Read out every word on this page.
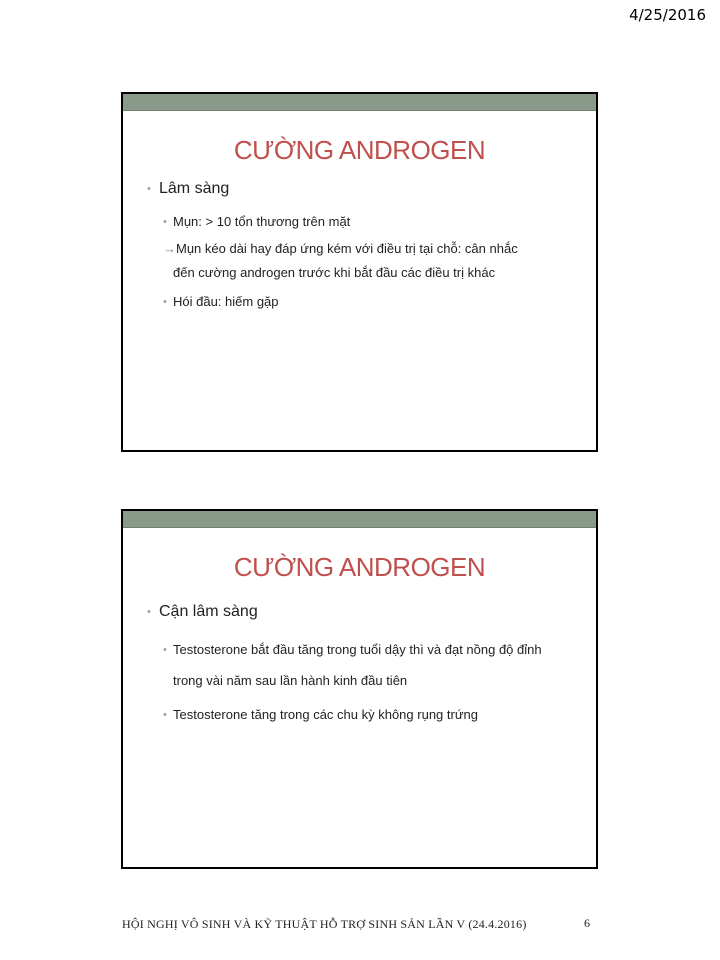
4/25/2016
CƯỜNG ANDROGEN
• Lâm sàng
• Mụn: > 10 tổn thương trên mặt
→Mụn kéo dài hay đáp ứng kém với điều trị tại chỗ: cân nhắc
đến cường androgen trước khi bắt đầu các điều trị khác
• Hói đầu: hiếm gặp
CƯỜNG ANDROGEN
• Cận lâm sàng
• Testosterone bắt đầu tăng trong tuổi dậy thì và đạt nồng độ đỉnh
trong vài năm sau lần hành kinh đầu tiên
• Testosterone tăng trong các chu kỳ không rụng trứng
HỘI NGHỊ VÔ SINH VÀ KỸ THUẬT HỖ TRỢ SINH SẢN LẦN V (24.4.2016)	6
